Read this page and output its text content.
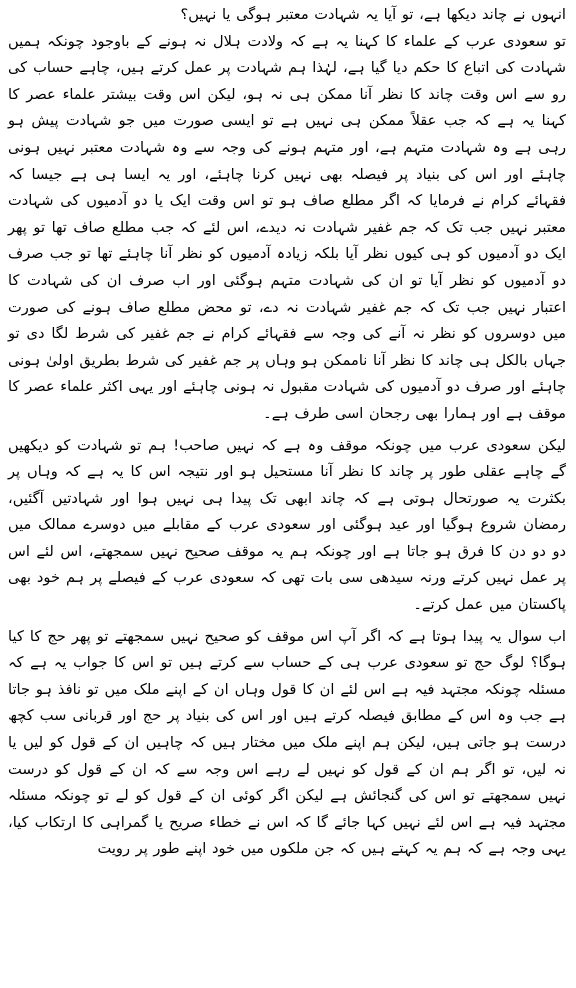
انہوں نے چاند دیکھا ہے، تو آیا یہ شہادت معتبر ہوگی یا نہیں؟

تو سعودی عرب کے علماء کا کہنا یہ ہے کہ ولادت ہلال نہ ہونے کے باوجود چونکہ ہمیں شہادت کی اتباع کا حکم دیا گیا ہے، لہٰذا ہم شہادت پر عمل کرتے ہیں، چاہے حساب کی رو سے اس وقت چاند کا نظر آنا ممکن ہی نہ ہو، لیکن اس وقت بیشتر علماء عصر کا کہنا یہ ہے کہ جب عقلاً ممکن ہی نہیں ہے تو ایسی صورت میں جو شہادت پیش ہو رہی ہے وہ شہادت متہم ہے، اور متہم ہونے کی وجہ سے وہ شہادت معتبر نہیں ہونی چاہئے اور اس کی بنیاد پر فیصلہ بھی نہیں کرنا چاہئے، اور یہ ایسا ہی ہے جیسا کہ فقہائے کرام نے فرمایا کہ اگر مطلع صاف ہو تو اس وقت ایک یا دو آدمیوں کی شہادت معتبر نہیں جب تک کہ جم غفیر شہادت نہ دیدے، اس لئے کہ جب مطلع صاف تھا تو پھر ایک دو آدمیوں کو ہی کیوں نظر آیا بلکہ زیادہ آدمیوں کو نظر آنا چاہئے تھا تو جب صرف دو آدمیوں کو نظر آیا تو ان کی شہادت متہم ہوگئی اور اب صرف ان کی شہادت کا اعتبار نہیں جب تک کہ جم غفیر شہادت نہ دے، تو محض مطلع صاف ہونے کی صورت میں دوسروں کو نظر نہ آنے کی وجہ سے فقہائے کرام نے جم غفیر کی شرط لگا دی تو جہاں بالکل ہی چاند کا نظر آنا ناممکن ہو وہاں پر جم غفیر کی شرط بطریق اولیٰ ہونی چاہئے اور صرف دو آدمیوں کی شہادت مقبول نہ ہونی چاہئے اور یہی اکثر علماء عصر کا موقف ہے اور ہمارا بھی رجحان اسی طرف ہے۔

لیکن سعودی عرب میں چونکہ موقف وہ ہے کہ نہیں صاحب! ہم تو شہادت کو دیکھیں گے چاہے عقلی طور پر چاند کا نظر آنا مستحیل ہو اور نتیجہ اس کا یہ ہے کہ وہاں پر بکثرت یہ صورتحال ہوتی ہے کہ چاند ابھی تک پیدا ہی نہیں ہوا اور شہادتیں آگئیں، رمضان شروع ہوگیا اور عید ہوگئی اور سعودی عرب کے مقابلے میں دوسرے ممالک میں دو دو دن کا فرق ہو جاتا ہے اور چونکہ ہم یہ موقف صحیح نہیں سمجھتے، اس لئے اس پر عمل نہیں کرتے ورنہ سیدھی سی بات تھی کہ سعودی عرب کے فیصلے پر ہم خود بھی پاکستان میں عمل کرتے۔

اب سوال یہ پیدا ہوتا ہے کہ اگر آپ اس موقف کو صحیح نہیں سمجھتے تو پھر حج کا کیا ہوگا؟ لوگ حج تو سعودی عرب ہی کے حساب سے کرتے ہیں تو اس کا جواب یہ ہے کہ مسئلہ چونکہ مجتہد فیہ ہے اس لئے ان کا قول وہاں ان کے اپنے ملک میں تو نافذ ہو جاتا ہے جب وہ اس کے مطابق فیصلہ کرتے ہیں اور اس کی بنیاد پر حج اور قربانی سب کچھ درست ہو جاتی ہیں، لیکن ہم اپنے ملک میں مختار ہیں کہ چاہیں ان کے قول کو لیں یا نہ لیں، تو اگر ہم ان کے قول کو نہیں لے رہے اس وجہ سے کہ ان کے قول کو درست نہیں سمجھتے تو اس کی گنجائش ہے لیکن اگر کوئی ان کے قول کو لے تو چونکہ مسئلہ مجتہد فیہ ہے اس لئے نہیں کہا جائے گا کہ اس نے خطاء صریح یا گمراہی کا ارتکاب کیا، یہی وجہ ہے کہ ہم یہ کہتے ہیں کہ جن ملکوں میں خود اپنے طور پر رویت
